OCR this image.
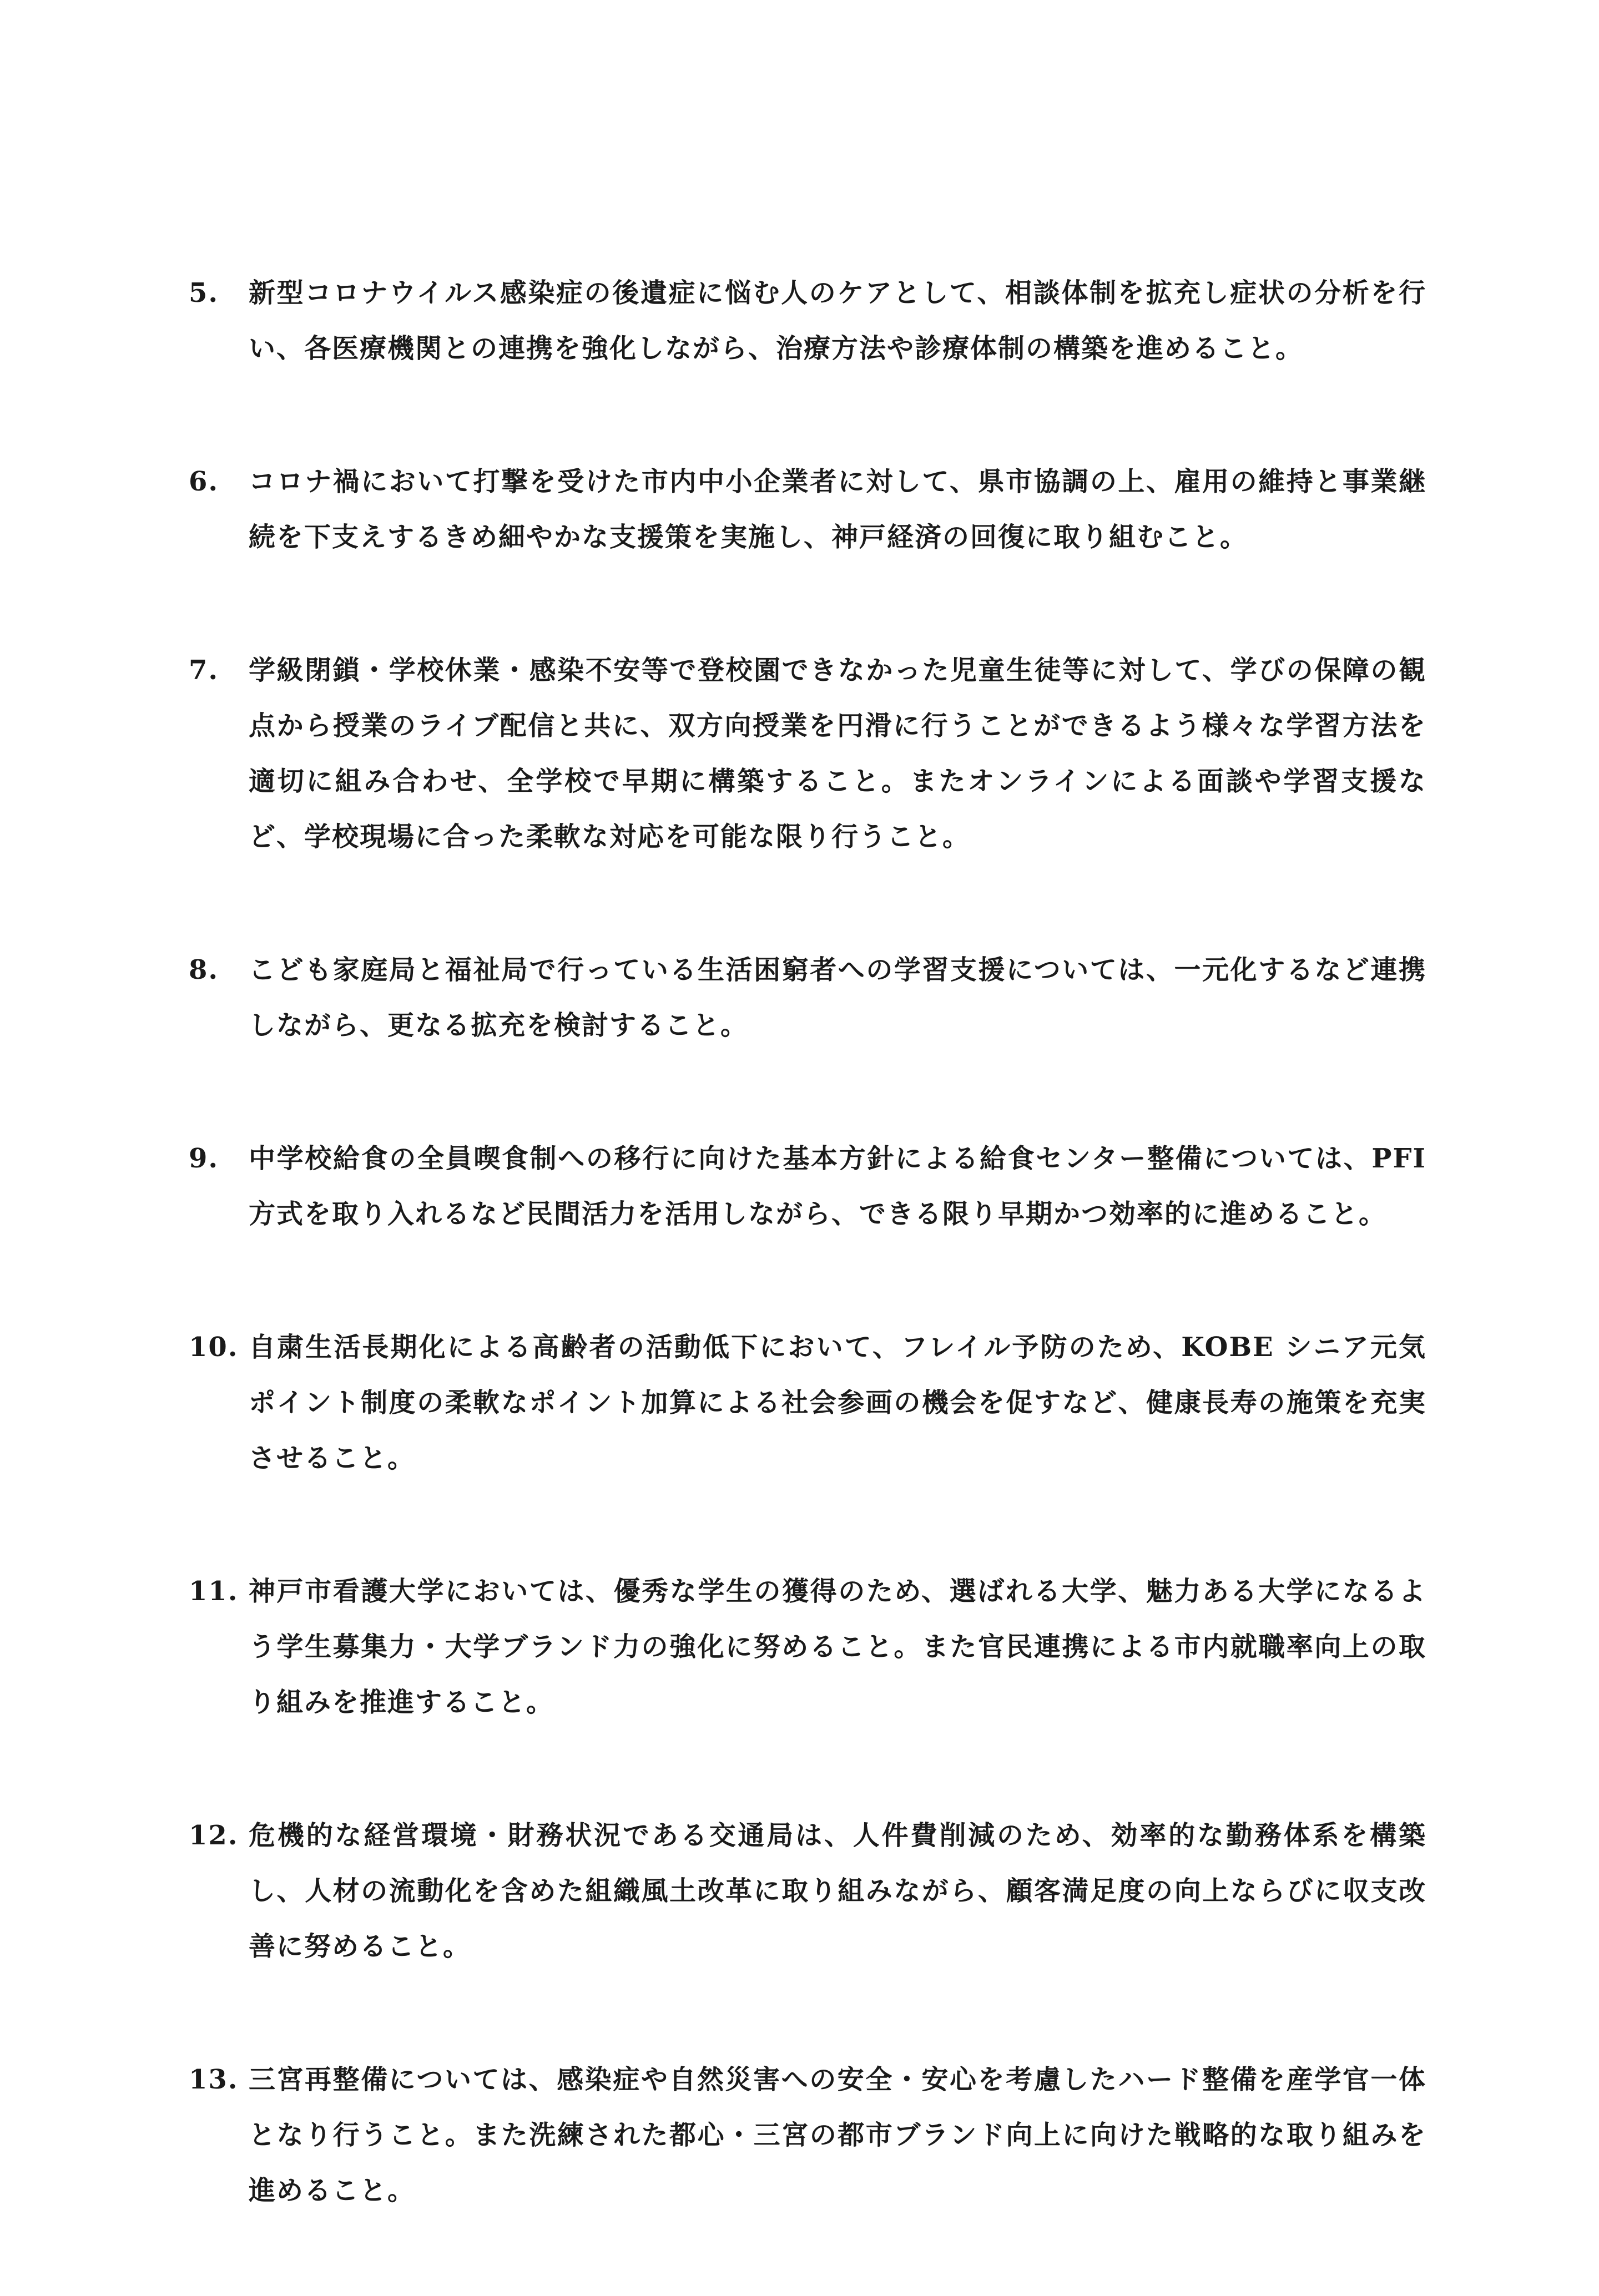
5.	新型コロナウイルス感染症の後遺症に悩む人のケアとして、相談体制を拡充し症状の分析を行い、各医療機関との連携を強化しながら、治療方法や診療体制の構築を進めること。
6.	コロナ禍において打撃を受けた市内中小企業者に対して、県市協調の上、雇用の維持と事業継続を下支えするきめ細やかな支援策を実施し、神戸経済の回復に取り組むこと。
7.	学級閉鎖・学校休業・感染不安等で登校園できなかった児童生徒等に対して、学びの保障の観点から授業のライブ配信と共に、双方向授業を円滑に行うことができるよう様々な学習方法を適切に組み合わせ、全学校で早期に構築すること。またオンラインによる面談や学習支援など、学校現場に合った柔軟な対応を可能な限り行うこと。
8.	こども家庭局と福祉局で行っている生活困窮者への学習支援については、一元化するなど連携しながら、更なる拡充を検討すること。
9.	中学校給食の全員喫食制への移行に向けた基本方針による給食センター整備については、PFI 方式を取り入れるなど民間活力を活用しながら、できる限り早期かつ効率的に進めること。
10. 自粛生活長期化による高齢者の活動低下において、フレイル予防のため、KOBE シニア元気ポイント制度の柔軟なポイント加算による社会参画の機会を促すなど、健康長寿の施策を充実させること。
11. 神戸市看護大学においては、優秀な学生の獲得のため、選ばれる大学、魅力ある大学になるよう学生募集力・大学ブランド力の強化に努めること。また官民連携による市内就職率向上の取り組みを推進すること。
12. 危機的な経営環境・財務状況である交通局は、人件費削減のため、効率的な勤務体系を構築し、人材の流動化を含めた組織風土改革に取り組みながら、顧客満足度の向上ならびに収支改善に努めること。
13. 三宮再整備については、感染症や自然災害への安全・安心を考慮したハード整備を産学官一体となり行うこと。また洗練された都心・三宮の都市ブランド向上に向けた戦略的な取り組みを進めること。
